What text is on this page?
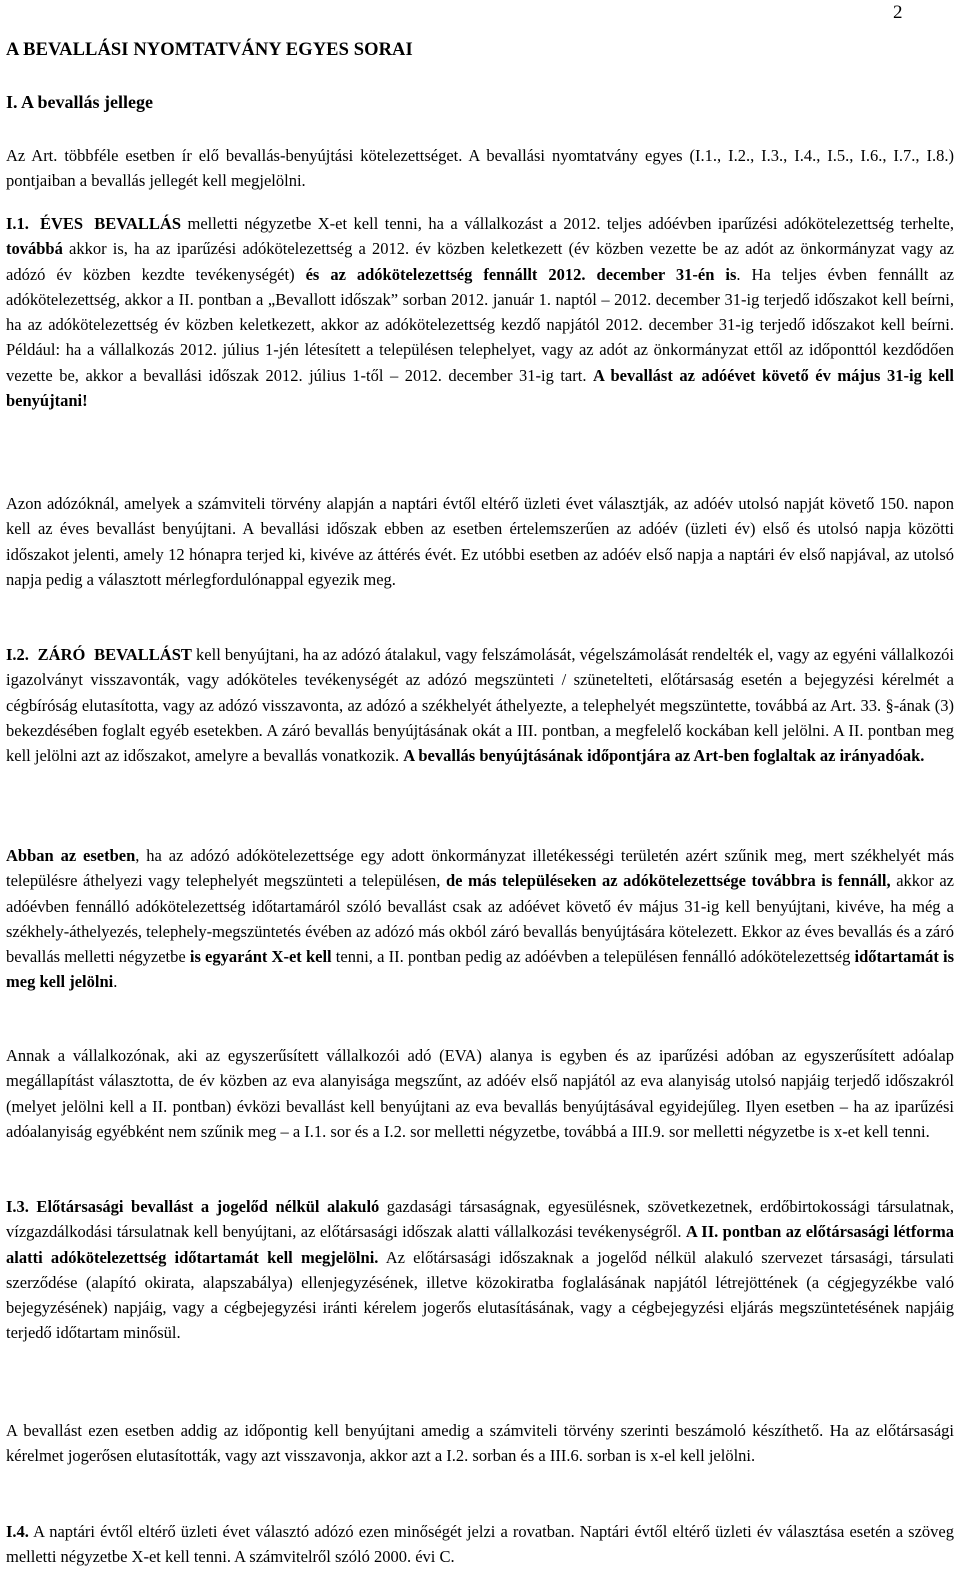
2
A BEVALLÁSI NYOMTATVÁNY EGYES SORAI
I. A bevallás jellege
Az Art. többféle esetben ír elő bevallás-benyújtási kötelezettséget. A bevallási nyomtatvány egyes (I.1., I.2., I.3., I.4., I.5., I.6., I.7., I.8.) pontjaiban a bevallás jellegét kell megjelölni.
I.1. ÉVES BEVALLÁS melletti négyzetbe X-et kell tenni, ha a vállalkozást a 2012. teljes adóévben iparűzési adókötelezettség terhelte, továbbá akkor is, ha az iparűzési adókötelezettség a 2012. év közben keletkezett (év közben vezette be az adót az önkormányzat vagy az adózó év közben kezdte tevékenységét) és az adókötelezettség fennállt 2012. december 31-én is. Ha teljes évben fennállt az adókötelezettség, akkor a II. pontban a „Bevallott időszak” sorban 2012. január 1. naptól – 2012. december 31-ig terjedő időszakot kell beírni, ha az adókötelezettség év közben keletkezett, akkor az adókötelezettség kezdő napjától 2012. december 31-ig terjedő időszakot kell beírni. Például: ha a vállalkozás 2012. július 1-jén létesített a településen telephelyet, vagy az adót az önkormányzat ettől az időponttól kezdődően vezette be, akkor a bevallási időszak 2012. július 1-től – 2012. december 31-ig tart. A bevallást az adóévet követő év május 31-ig kell benyújtani!
Azon adózóknál, amelyek a számviteli törvény alapján a naptári évtől eltérő üzleti évet választják, az adóév utolsó napját követő 150. napon kell az éves bevallást benyújtani. A bevallási időszak ebben az esetben értelemszerűen az adóév (üzleti év) első és utolsó napja közötti időszakot jelenti, amely 12 hónapra terjed ki, kivéve az áttérés évét. Ez utóbbi esetben az adóév első napja a naptári év első napjával, az utolsó napja pedig a választott mérlegfordulónappal egyezik meg.
I.2. ZÁRÓ BEVALLÁST kell benyújtani, ha az adózó átalakul, vagy felszámolását, végelszámolását rendelték el, vagy az egyéni vállalkozói igazolványt visszavonták, vagy adóköteles tevékenységét az adózó megszünteti / szünetelteti, előtársaság esetén a bejegyzési kérelmét a cégbíróság elutasította, vagy az adózó visszavonta, az adózó a székhelyét áthelyezte, a telephelyét megszüntette, továbbá az Art. 33. §-ának (3) bekezdésében foglalt egyéb esetekben. A záró bevallás benyújtásának okát a III. pontban, a megfelelő kockában kell jelölni. A II. pontban meg kell jelölni azt az időszakot, amelyre a bevallás vonatkozik. A bevallás benyújtásának időpontjára az Art-ben foglaltak az irányadóak.
Abban az esetben, ha az adózó adókötelezettsége egy adott önkormányzat illetékességi területén azért szűnik meg, mert székhelyét más településre áthelyezi vagy telephelyét megszünteti a településen, de más településeken az adókötelezettsége továbbra is fennáll, akkor az adóévben fennálló adókötelezettség időtartamáról szóló bevallást csak az adóévet követő év május 31-ig kell benyújtani, kivéve, ha még a székhely-áthelyezés, telephely-megszüntetés évében az adózó más okból záró bevallás benyújtására kötelezett. Ekkor az éves bevallás és a záró bevallás melletti négyzetbe is egyaránt X-et kell tenni, a II. pontban pedig az adóévben a településen fennálló adókötelezettség időtartamát is meg kell jelölni.
Annak a vállalkozónak, aki az egyszerűsített vállalkozói adó (EVA) alanya is egyben és az iparűzési adóban az egyszerűsített adóalap megállapítást választotta, de év közben az eva alanyisága megszűnt, az adóév első napjától az eva alanyiság utolsó napjáig terjedő időszakról (melyet jelölni kell a II. pontban) évközi bevallást kell benyújtani az eva bevallás benyújtásával egyidejűleg. Ilyen esetben – ha az iparűzési adóalanyiság egyébként nem szűnik meg – a I.1. sor és a I.2. sor melletti négyzetbe, továbbá a III.9. sor melletti négyzetbe is x-et kell tenni.
I.3. Előtársasági bevallást a jogelőd nélkül alakuló gazdasági társaságnak, egyesülésnek, szövetkezetnek, erdőbirtokossági társulatnak, vízgazdálkodási társulatnak kell benyújtani, az előtársasági időszak alatti vállalkozási tevékenységről. A II. pontban az előtársasági létforma alatti adókötelezettség időtartamát kell megjelölni. Az előtársasági időszaknak a jogelőd nélkül alakuló szervezet társasági, társulati szerződése (alapító okirata, alapszabálya) ellenjegyzésének, illetve közokiratba foglalásának napjától létrejöttének (a cégjegyzékbe való bejegyzésének) napjáig, vagy a cégbejegyzési iránti kérelem jogerős elutasításának, vagy a cégbejegyzési eljárás megszüntetésének napjáig terjedő időtartam minősül.
A bevallást ezen esetben addig az időpontig kell benyújtani amedig a számviteli törvény szerinti beszámoló készíthető. Ha az előtársasági kérelmet jogerősen elutasították, vagy azt visszavonja, akkor azt a I.2. sorban és a III.6. sorban is x-el kell jelölni.
I.4. A naptári évtől eltérő üzleti évet választó adózó ezen minőségét jelzi a rovatban. Naptári évtől eltérő üzleti év választása esetén a szöveg melletti négyzetbe X-et kell tenni. A számvitelről szóló 2000. évi C.
